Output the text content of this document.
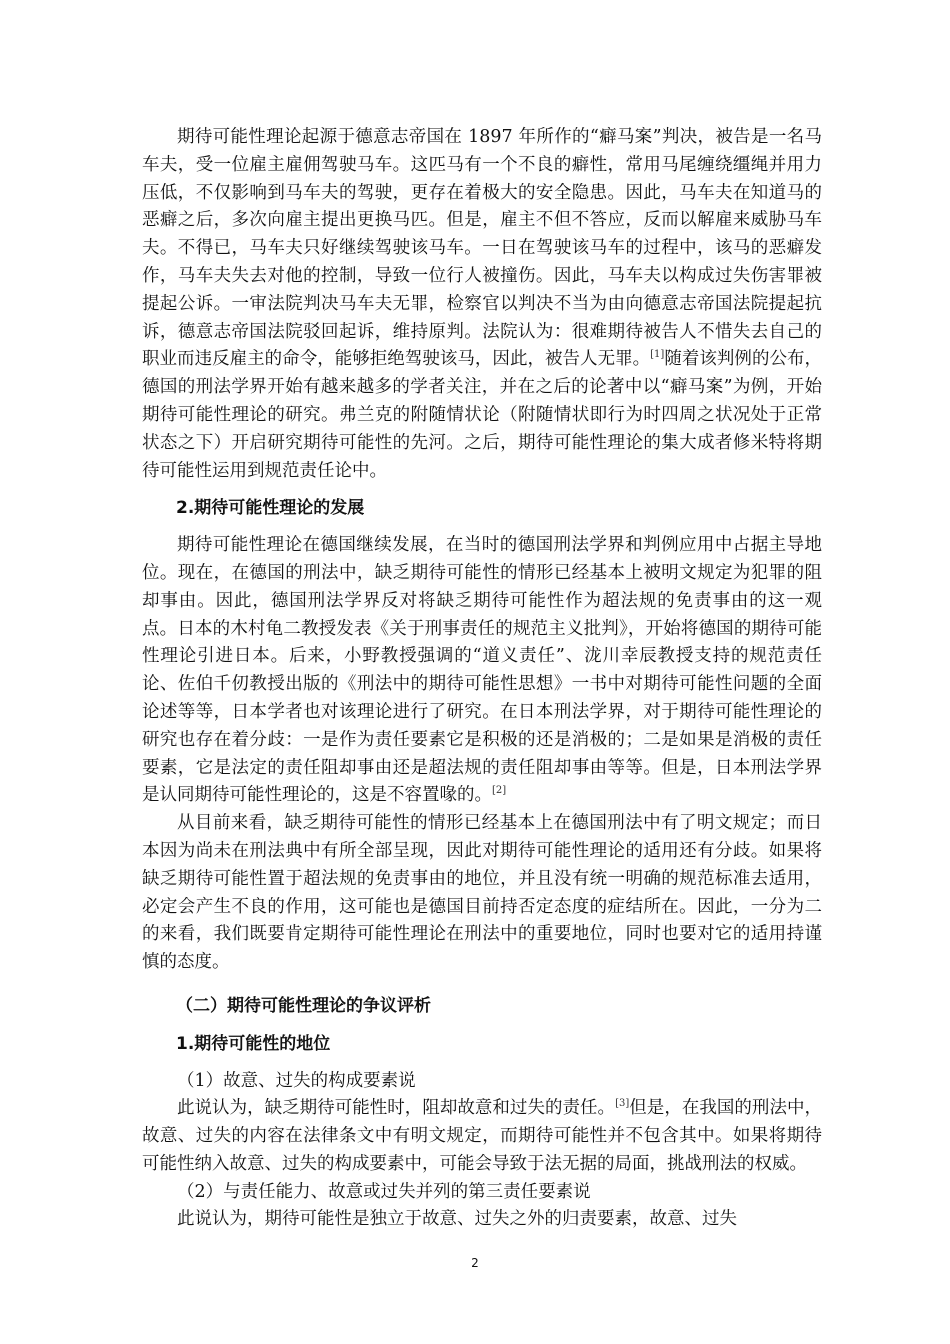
期待可能性理论起源于德意志帝国在 1897 年所作的“癖马案”判决，被告是一名马车夫，受一位雇主雇佣驾驶马车。这匹马有一个不良的癖性，常用马尾缠绕缰绳并用力压低，不仅影响到马车夫的驾驶，更存在着极大的安全隐患。因此，马车夫在知道马的恶癖之后，多次向雇主提出更换马匹。但是，雇主不但不答应，反而以解雇来威胁马车夫。不得已，马车夫只好继续驾驶该马车。一日在驾驶该马车的过程中，该马的恶癖发作，马车夫失去对他的控制，导致一位行人被撞伤。因此，马车夫以构成过失伤害罪被提起公诉。一审法院判决马车夫无罪，检察官以判决不当为由向德意志帝国法院提起抗诉，德意志帝国法院驳回起诉，维持原判。法院认为：很难期待被告人不惜失去自己的职业而违反雇主的命令，能够拒绝驾驶该马，因此，被告人无罪。[1]随着该判例的公布，德国的刑法学界开始有越来越多的学者关注，并在之后的论著中以“癖马案”为例，开始期待可能性理论的研究。弗兰克的附随情状论（附随情状即行为时四周之状况处于正常状态之下）开启研究期待可能性的先河。之后，期待可能性理论的集大成者修米特将期待可能性运用到规范责任论中。

2.期待可能性理论的发展

期待可能性理论在德国继续发展，在当时的德国刑法学界和判例应用中占据主导地位。现在，在德国的刑法中，缺乏期待可能性的情形已经基本上被明文规定为犯罪的阻却事由。因此，德国刑法学界反对将缺乏期待可能性作为超法规的免责事由的这一观点。日本的木村龟二教授发表《关于刑事责任的规范主义批判》，开始将德国的期待可能性理论引进日本。后来，小野教授强调的“道义责任”、泷川幸辰教授支持的规范责任论、佐伯千仞教授出版的《刑法中的期待可能性思想》一书中对期待可能性问题的全面论述等等，日本学者也对该理论进行了研究。在日本刑法学界，对于期待可能性理论的研究也存在着分歧：一是作为责任要素它是积极的还是消极的；二是如果是消极的责任要素，它是法定的责任阻却事由还是超法规的责任阻却事由等等。但是，日本刑法学界是认同期待可能性理论的，这是不容置喙的。[2]

从目前来看，缺乏期待可能性的情形已经基本上在德国刑法中有了明文规定；而日本因为尚未在刑法典中有所全部呈现，因此对期待可能性理论的适用还有分歧。如果将缺乏期待可能性置于超法规的免责事由的地位，并且没有统一明确的规范标准去适用，必定会产生不良的作用，这可能也是德国目前持否定态度的症结所在。因此，一分为二的来看，我们既要肯定期待可能性理论在刑法中的重要地位，同时也要对它的适用持谨慎的态度。

（二）期待可能性理论的争议评析
1.期待可能性的地位

（1）故意、过失的构成要素说

此说认为，缺乏期待可能性时，阻却故意和过失的责任。[3]但是，在我国的刑法中，故意、过失的内容在法律条文中有明文规定，而期待可能性并不包含其中。如果将期待可能性纳入故意、过失的构成要素中，可能会导致于法无据的局面，挑战刑法的权威。

（2）与责任能力、故意或过失并列的第三责任要素说

此说认为，期待可能性是独立于故意、过失之外的归责要素，故意、过失

2
